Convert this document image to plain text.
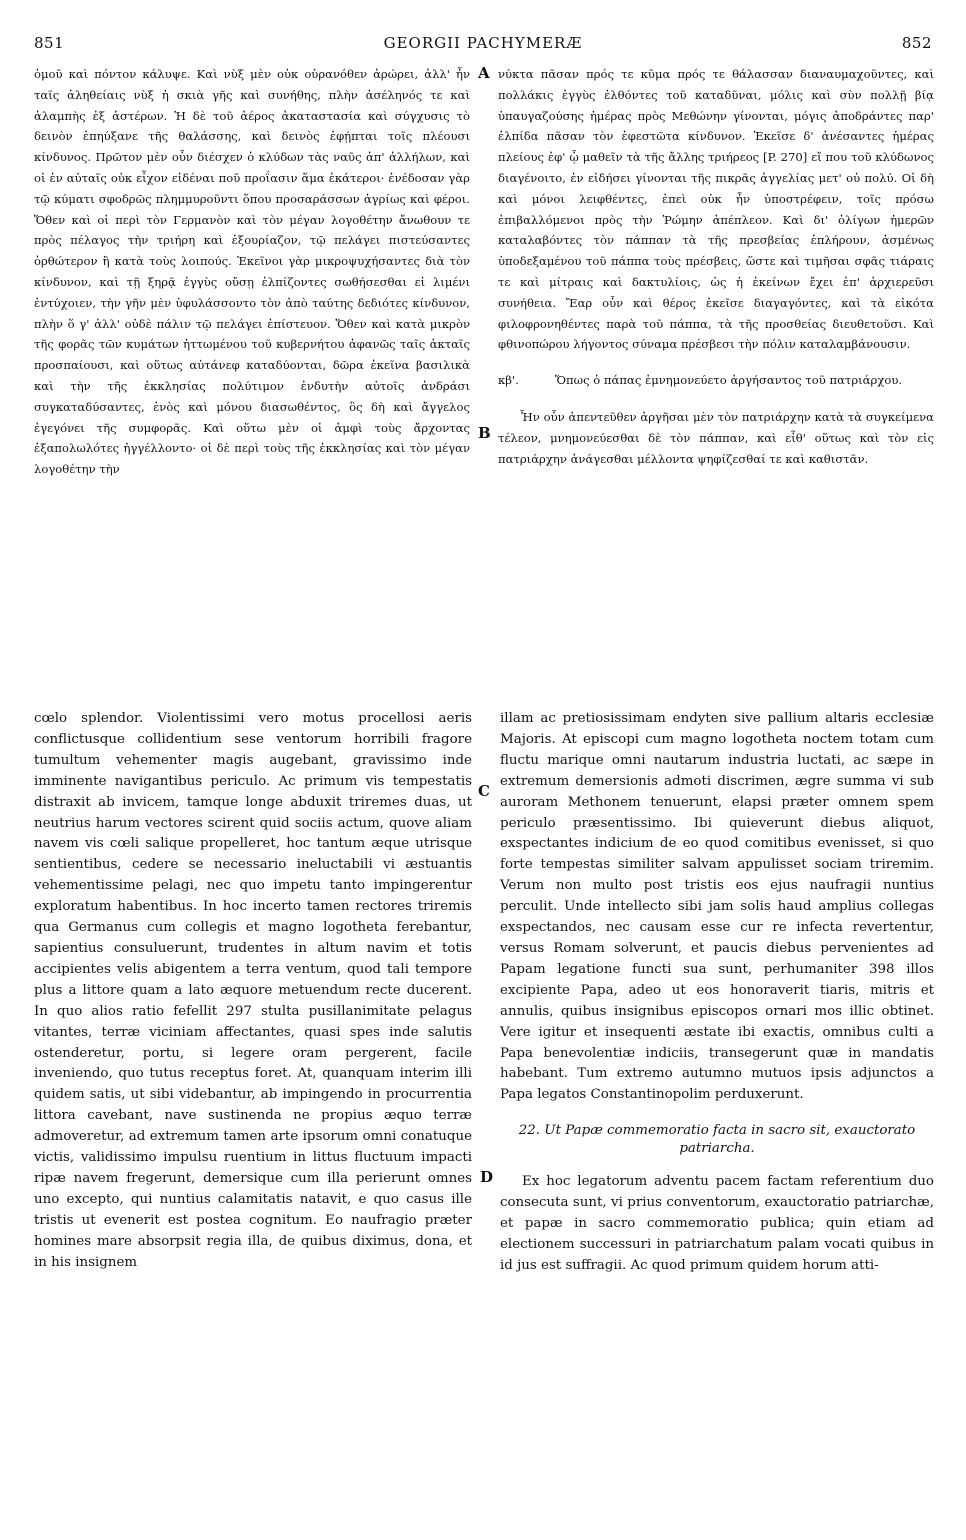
851	GEORGII PACHYMERÆ	852
A
B
C
D

ὁμοῦ καὶ πόντον κάλυψε. Καὶ νὺξ μὲν οὐκ οὐρανόθεν ἀρώρει, ἀλλ' ἦν ταῖς ἀληθείαις νὺξ ἡ σκιὰ γῆς καὶ συνήθης, πλὴν ἀσέληνός τε καὶ ἀλαμπὴς ἐξ ἀστέρων. Ἡ δὲ τοῦ ἀέρος ἀκαταστασία καὶ σύγχυσις τὸ δεινὸν ἐπηύξανε τῆς θαλάσσης, καὶ δεινὸς ἐφῄπται τοῖς πλέουσι κίνδυνος. Πρῶτον μὲν οὖν διέσχεν ὁ κλύδων τὰς ναῦς ἀπ' ἀλλήλων, καὶ οἱ ἐν αὐταῖς οὐκ εἶχον εἰδέναι ποῦ προΐασιν ἅμα ἑκάτεροι· ἐνέδοσαν γὰρ τῷ κύματι σφοδρῶς πλημμυροῦντι ὅπου προσαράσσων ἀγρίως καὶ φέροι. Ὅθεν καὶ οἱ περὶ τὸν Γερμανὸν καὶ τὸν μέγαν λογοθέτην ἄνωθουν τε πρὸς πέλαγος τὴν τριήρη καὶ ἐξουρίαζον, τῷ πελάγει πιστεύσαντες ὀρθώτερον ἢ κατὰ τοὺς λοιπούς. Ἐκεῖνοι γὰρ μικροψυχήσαντες διὰ τὸν κίνδυνον, καὶ τῇ ξηρᾷ ἐγγὺς οὔσῃ ἐλπίζοντες σωθήσεσθαι εἰ λιμένι ἐντύχοιεν, τὴν γῆν μὲν ὑφυλάσσοντο τὸν ἀπὸ ταύτης δεδιότες κίνδυνον, πλὴν ὅ γ' ἀλλ' οὐδὲ πάλιν τῷ πελάγει ἐπίστευον. Ὅθεν καὶ κατὰ μικρὸν τῆς φορᾶς τῶν κυμάτων ἡττωμένου τοῦ κυβερνήτου ἀφανῶς ταῖς ἀκταῖς προσπαίουσι, καὶ οὕτως αὐτάνεφ καταδύονται, δῶρα ἐκεῖνα βασιλικὰ καὶ τὴν τῆς ἐκκλησίας πολύτιμον ἐνδυτὴν αὐτοῖς ἀνδράσι συγκαταδύσαντες, ἑνὸς καὶ μόνου διασωθέντος, ὃς δὴ καὶ ἄγγελος ἐγεγόνει τῆς συμφορᾶς. Καὶ οὕτω μὲν οἱ ἀμφὶ τοὺς ἄρχοντας ἐξαπολωλότες ἠγγέλλοντο· οἱ δὲ περὶ τοὺς τῆς ἐκκλησίας καὶ τὸν μέγαν λογοθέτην τὴν

νύκτα πᾶσαν πρός τε κῦμα πρός τε θάλασσαν διαναυμαχοῦντες, καὶ πολλάκις ἐγγὺς ἐλθόντες τοῦ καταδῦναι, μόλις καὶ σὺν πολλῇ βίᾳ ὑπαυγαζούσης ἡμέρας πρὸς Μεθώνην γίνονται, μόγις ἀποδράντες παρ' ἐλπίδα πᾶσαν τὸν ἐφεστῶτα κίνδυνον. Ἐκεῖσε δ' ἀνέσαντες ἡμέρας πλείους ἐφ' ᾧ μαθεῖν τὰ τῆς ἄλλης τριήρεος [P. 270] εἴ που τοῦ κλύδωνος διαγένοιτο, ἐν εἰδήσει γίνονται τῆς πικρᾶς ἀγγελίας μετ' οὐ πολύ. Οἱ δὴ καὶ μόνοι λειφθέντες, ἐπεὶ οὐκ ἦν ὑποστρέφειν, τοῖς πρόσω ἐπιβαλλόμενοι πρὸς τὴν Ῥώμην ἀπέπλεον. Καὶ δι' ὀλίγων ἡμερῶν καταλαβόντες τὸν πάππαν τὰ τῆς πρεσβείας ἐπλήρουν, ἀσμένως ὑποδεξαμένου τοῦ πάππα τοὺς πρέσβεις, ὥστε καὶ τιμῆσαι σφᾶς τιάραις τε καὶ μίτραις καὶ δακτυλίοις, ὡς ἡ ἐκείνων ἔχει ἐπ' ἀρχιερεῦσι συνήθεια. Ἔαρ οὖν καὶ θέρος ἐκεῖσε διαγαγόντες, καὶ τὰ εἰκότα φιλοφρονηθέντες παρὰ τοῦ πάππα, τὰ τῆς προσθείας διευθετοῦσι. Καὶ φθινοπώρου λήγοντος σύναμα πρέσβεσι τὴν πόλιν καταλαμβάνουσιν.

κβ'.	Ὅπως ὁ πάπας ἐμνημονεύετο ἀργήσαντος τοῦ πατριάρχου.

Ἦν οὖν ἀπεντεῦθεν ἀργῆσαι μὲν τὸν πατριάρχην κατὰ τὰ συγκείμενα τέλεον, μνημονεύεσθαι δὲ τὸν πάππαν, καὶ εἶθ' οὕτως καὶ τὸν εἰς πατριάρχην ἀνάγεσθαι μέλλοντα ψηφίζεσθαί τε καὶ καθιστᾶν.

cœlo splendor. Violentissimi vero motus procellosi aeris conflictusque collidentium sese ventorum horribili fragore tumultum vehementer magis augebant, gravissimo inde imminente navigantibus periculo. Ac primum vis tempestatis distraxit ab invicem, tamque longe abduxit triremes duas, ut neutrius harum vectores scirent quid sociis actum, quove aliam navem vis cœli salique propelleret, hoc tantum æque utrisque sentientibus, cedere se necessario ineluctabili vi æstuantis vehementissime pelagi, nec quo impetu tanto impingerentur exploratum habentibus. In hoc incerto tamen rectores triremis qua Germanus cum collegis et magno logotheta ferebantur, sapientius consuluerunt, trudentes in altum navim et totis accipientes velis abigentem a terra ventum, quod tali tempore plus a littore quam a lato æquore metuendum recte ducerent. In quo alios ratio fefellit 297 stulta pusillanimitate pelagus vitantes, terræ viciniam affectantes, quasi spes inde salutis ostenderetur, portu, si legere oram pergerent, facile inveniendo, quo tutus receptus foret. At, quanquam interim illi quidem satis, ut sibi videbantur, ab impingendo in procurrentia littora cavebant, nave sustinenda ne propius æquo terræ admoveretur, ad extremum tamen arte ipsorum omni conatuque victis, validissimo impulsu ruentium in littus fluctuum impacti ripæ navem fregerunt, demersique cum illa perierunt omnes uno excepto, qui nuntius calamitatis natavit, e quo casus ille tristis ut evenerit est postea cognitum. Eo naufragio præter homines mare absorpsit regia illa, de quibus diximus, dona, et in his insignem

illam ac pretiosissimam endyten sive pallium altaris ecclesiæ Majoris. At episcopi cum magno logotheta noctem totam cum fluctu marique omni nautarum industria luctati, ac sæpe in extremum demersionis admoti discrimen, ægre summa vi sub auroram Methonem tenuerunt, elapsi præter omnem spem periculo præsentissimo. Ibi quieverunt diebus aliquot, exspectantes indicium de eo quod comitibus evenisset, si quo forte tempestas similiter salvam appulisset sociam triremim. Verum non multo post tristis eos ejus naufragii nuntius perculit. Unde intellecto sibi jam solis haud amplius collegas exspectandos, nec causam esse cur re infecta revertentur, versus Romam solverunt, et paucis diebus pervenientes ad Papam legatione functi sua sunt, perhumaniter 398 illos excipiente Papa, adeo ut eos honoraverit tiaris, mitris et annulis, quibus insignibus episcopos ornari mos illic obtinet. Vere igitur et insequenti æstate ibi exactis, omnibus culti a Papa benevolentiæ indiciis, transegerunt quæ in mandatis habebant. Tum extremo autumno mutuos ipsis adjunctos a Papa legatos Constantinopolim perduxerunt.

22. Ut Papæ commemoratio facta in sacro sit, exauctorato patriarcha.

Ex hoc legatorum adventu pacem factam referentium duo consecuta sunt, vi prius conventorum, exauctoratio patriarchæ, et papæ in sacro commemoratio publica; quin etiam ad electionem successuri in patriarchatum palam vocati quibus in id jus est suffragii. Ac quod primum quidem horum atti-
